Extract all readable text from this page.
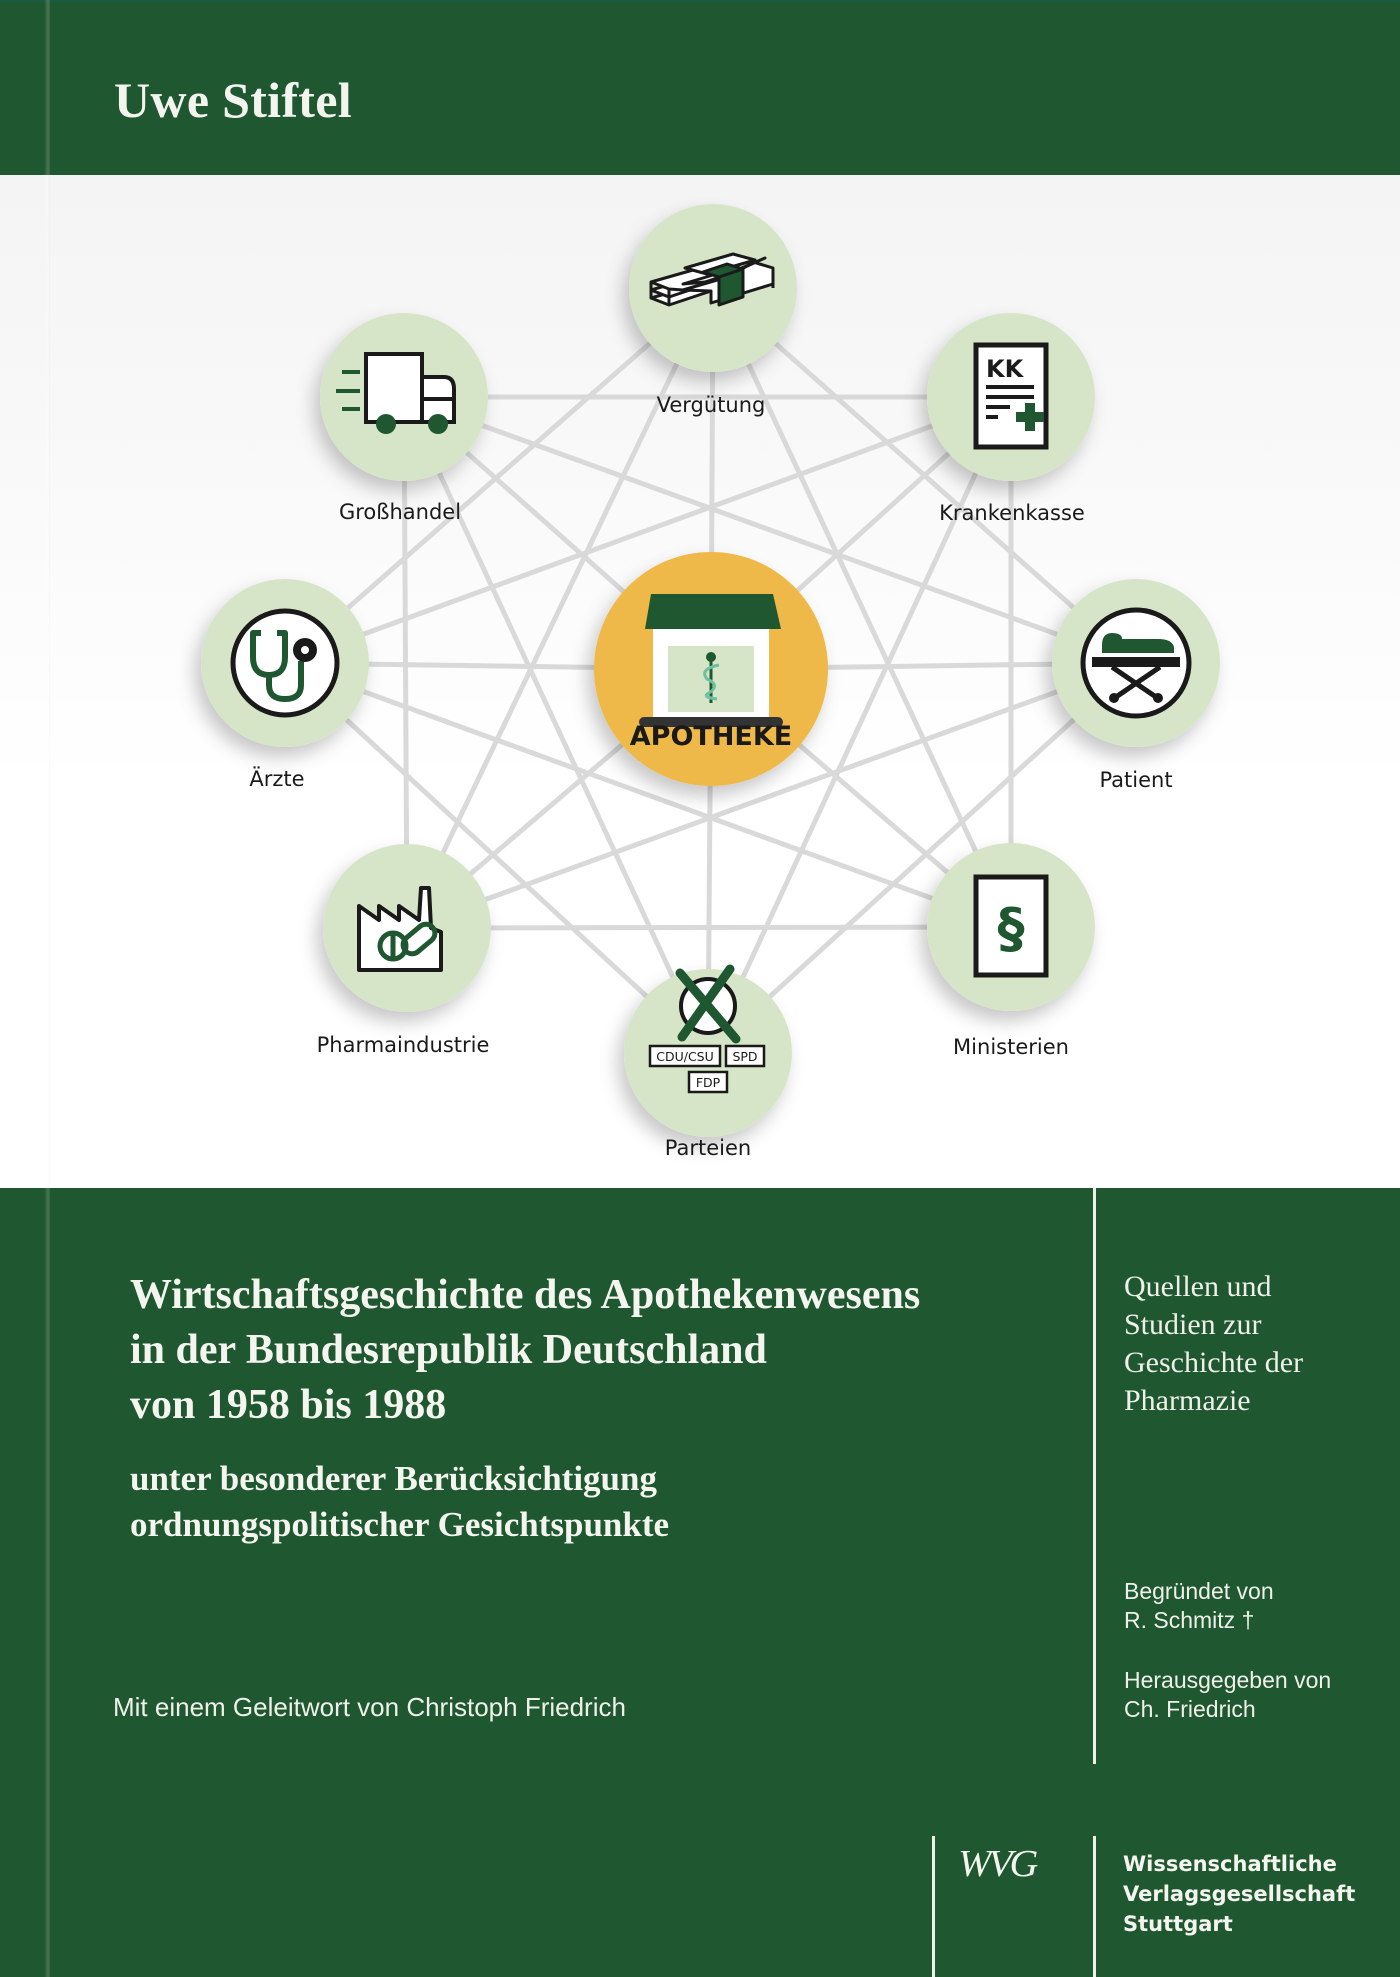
Uwe Stiftel
KK
§
CDU/CSU SPD
FDP
APOTHEKE
Vergütung
Krankenkasse
Patient
Ministerien
Parteien
Pharmaindustrie
Ärzte
Großhandel
Wirtschaftsgeschichte des Apothekenwesens
in der Bundesrepublik Deutschland
von 1958 bis 1988
unter besonderer Berücksichtigung
ordnungspolitischer Gesichtspunkte
Mit einem Geleitwort von Christoph Friedrich
Quellen und
Studien zur
Geschichte der
Pharmazie
Begründet von
R. Schmitz †
Herausgegeben von
Ch. Friedrich
WVG	Wissenschaftliche
Verlagsgesellschaft
Stuttgart
